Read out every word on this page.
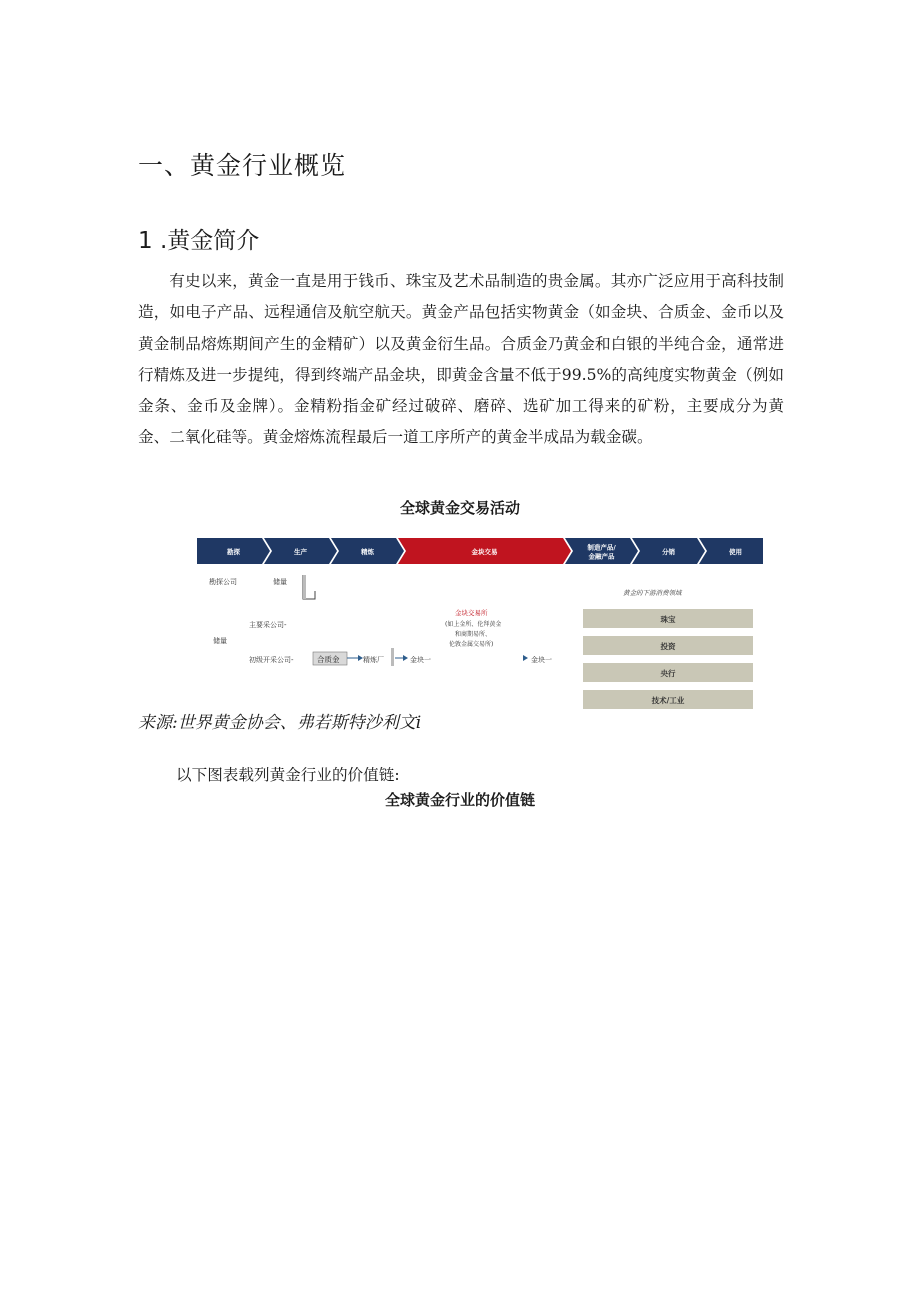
一、黄金行业概览
1 .黄金简介

有史以来，黄金一直是用于钱币、珠宝及艺术品制造的贵金属。其亦广泛应用于高科技制造，如电子产品、远程通信及航空航天。黄金产品包括实物黄金（如金块、合质金、金币以及黄金制品熔炼期间产生的金精矿）以及黄金衍生品。合质金乃黄金和白银的半纯合金，通常进行精炼及进一步提纯，得到终端产品金块，即黄金含量不低于99.5%的高纯度实物黄金（例如金条、金币及金牌）。金精粉指金矿经过破碎、磨碎、选矿加工得来的矿粉，主要成分为黄金、二氧化硅等。黄金熔炼流程最后一道工序所产的黄金半成品为载金碳。

全球黄金交易活动
勘探	生产	精炼	金块交易
制造产品/
金融产品
分销	使用
勘探公司	储量
主要采公司-
储量
初级开采公司-	合质金	精炼厂	金块一	金块一
金块交易所
(如上金所、伦拜黄金
和商期易所、
伦敦金属交易所)
黄金的下游消费领域
珠宝
投资
央行
技术/工业
来源:世界黄金协会、弗若斯特沙利文i
以下图表载列黄金行业的价值链:
全球黄金行业的价值链
